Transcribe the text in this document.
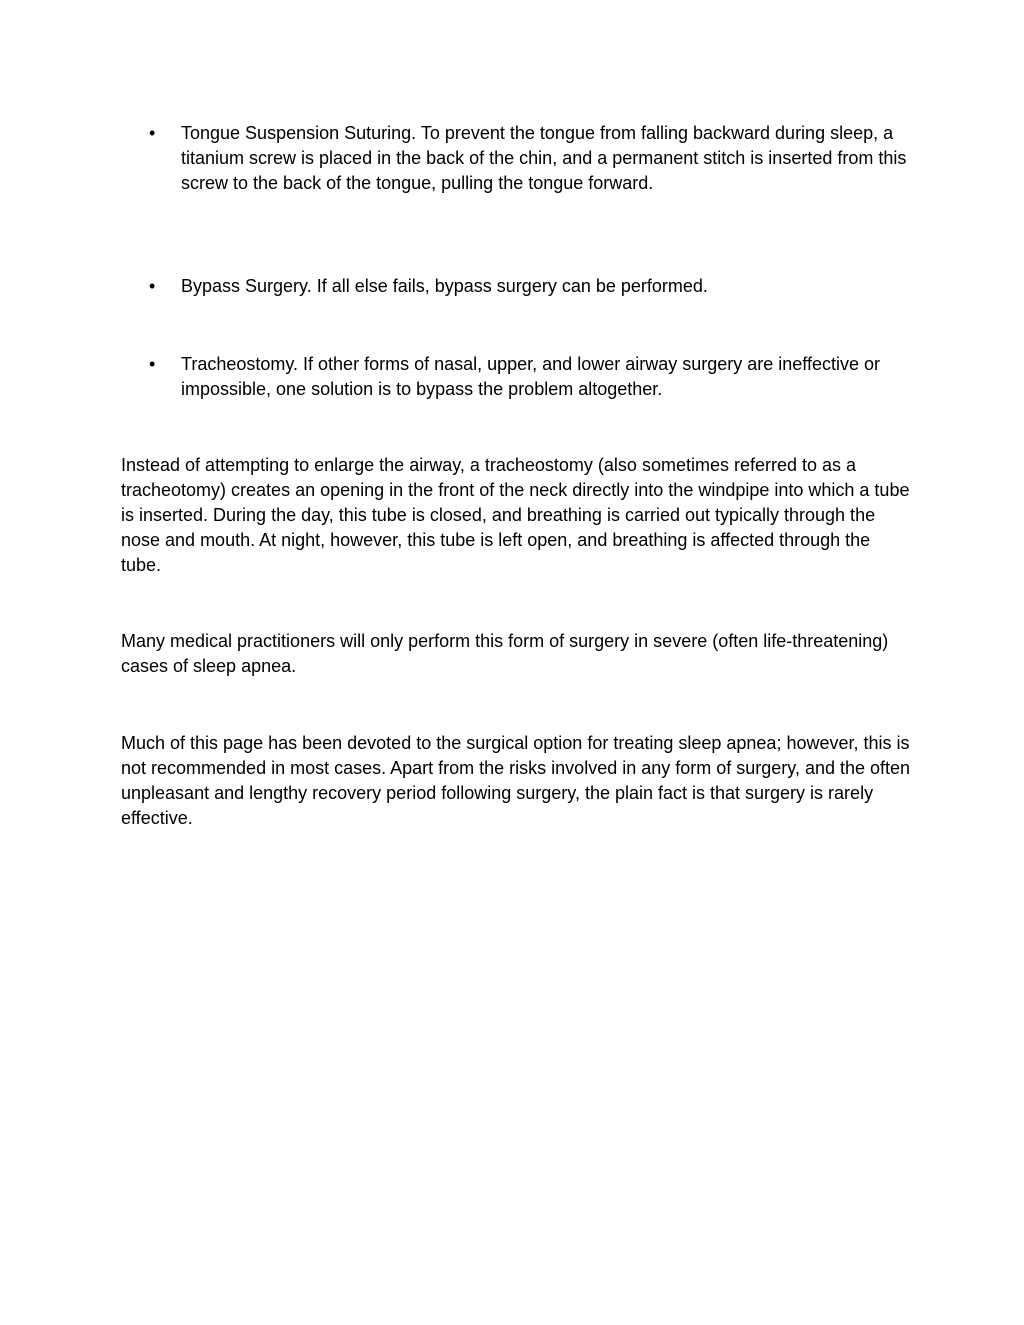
•	Tongue Suspension Suturing. To prevent the tongue from falling backward during sleep, a titanium screw is placed in the back of the chin, and a permanent stitch is inserted from this screw to the back of the tongue, pulling the tongue forward.
•	Bypass Surgery. If all else fails, bypass surgery can be performed.
•	Tracheostomy. If other forms of nasal, upper, and lower airway surgery are ineffective or impossible, one solution is to bypass the problem altogether.

Instead of attempting to enlarge the airway, a tracheostomy (also sometimes referred to as a tracheotomy) creates an opening in the front of the neck directly into the windpipe into which a tube is inserted. During the day, this tube is closed, and breathing is carried out typically through the nose and mouth. At night, however, this tube is left open, and breathing is affected through the tube.

Many medical practitioners will only perform this form of surgery in severe (often life-threatening) cases of sleep apnea.

Much of this page has been devoted to the surgical option for treating sleep apnea; however, this is not recommended in most cases. Apart from the risks involved in any form of surgery, and the often unpleasant and lengthy recovery period following surgery, the plain fact is that surgery is rarely effective.
